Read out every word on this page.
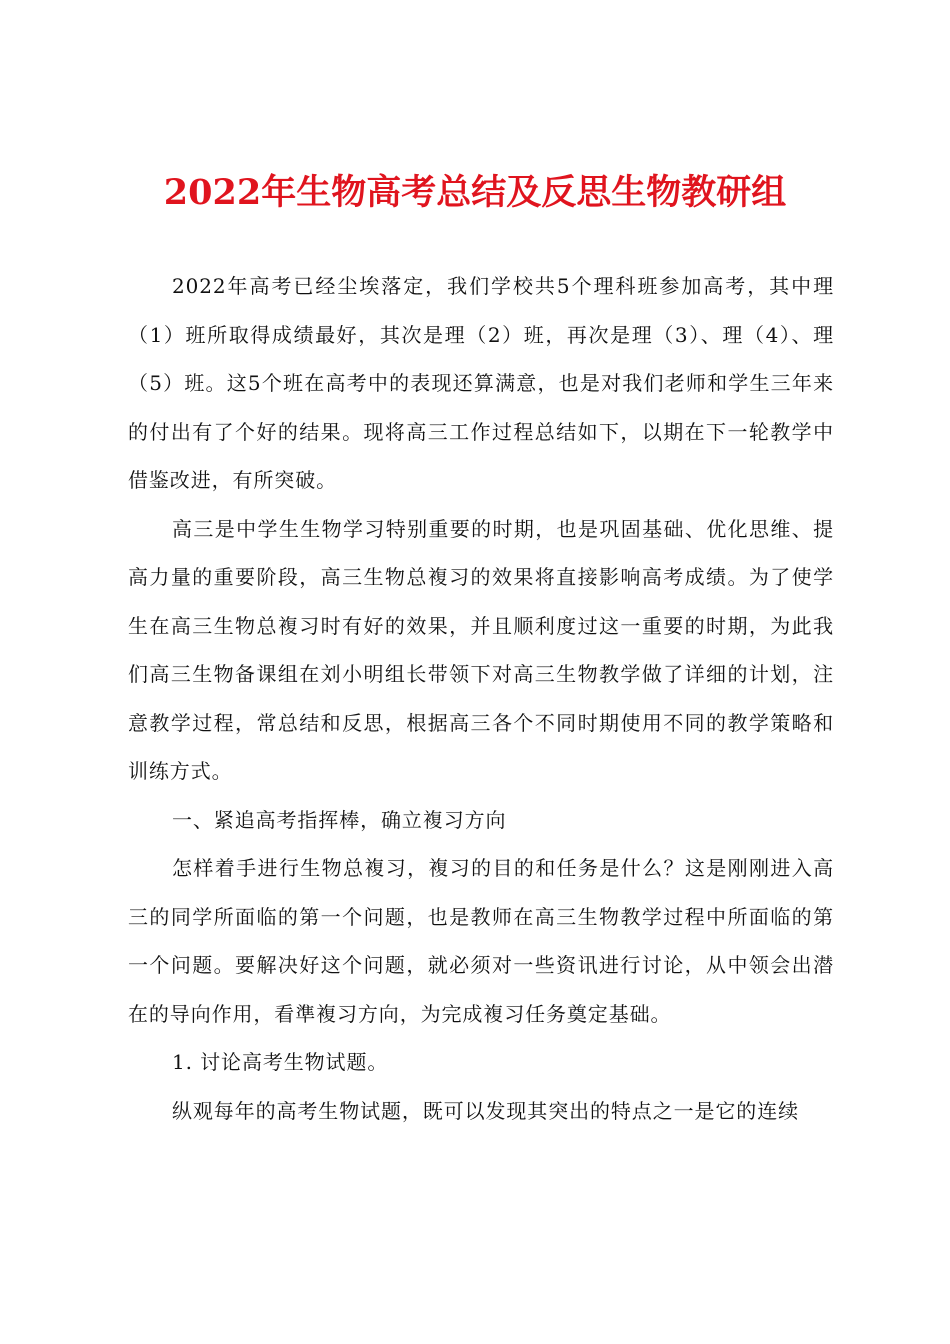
2022年生物高考总结及反思生物教研组

2022年高考已经尘埃落定，我们学校共5个理科班参加高考，其中理（1）班所取得成绩最好，其次是理（2）班，再次是理（3）、理（4）、理（5）班。这5个班在高考中的表现还算满意，也是对我们老师和学生三年来的付出有了个好的结果。现将高三工作过程总结如下，以期在下一轮教学中借鉴改进，有所突破。

高三是中学生生物学习特别重要的时期，也是巩固基础、优化思维、提高力量的重要阶段，高三生物总複习的效果将直接影响高考成绩。为了使学生在高三生物总複习时有好的效果，并且顺利度过这一重要的时期，为此我们高三生物备课组在刘小明组长带领下对高三生物教学做了详细的计划，注意教学过程，常总结和反思，根据高三各个不同时期使用不同的教学策略和训练方式。

一、紧追高考指挥棒，确立複习方向

怎样着手进行生物总複习，複习的目的和任务是什么？这是刚刚进入高三的同学所面临的第一个问题，也是教师在高三生物教学过程中所面临的第一个问题。要解决好这个问题，就必须对一些资讯进行讨论，从中领会出潜在的导向作用，看準複习方向，为完成複习任务奠定基础。

1. 讨论高考生物试题。

纵观每年的高考生物试题，既可以发现其突出的特点之一是它的连续
